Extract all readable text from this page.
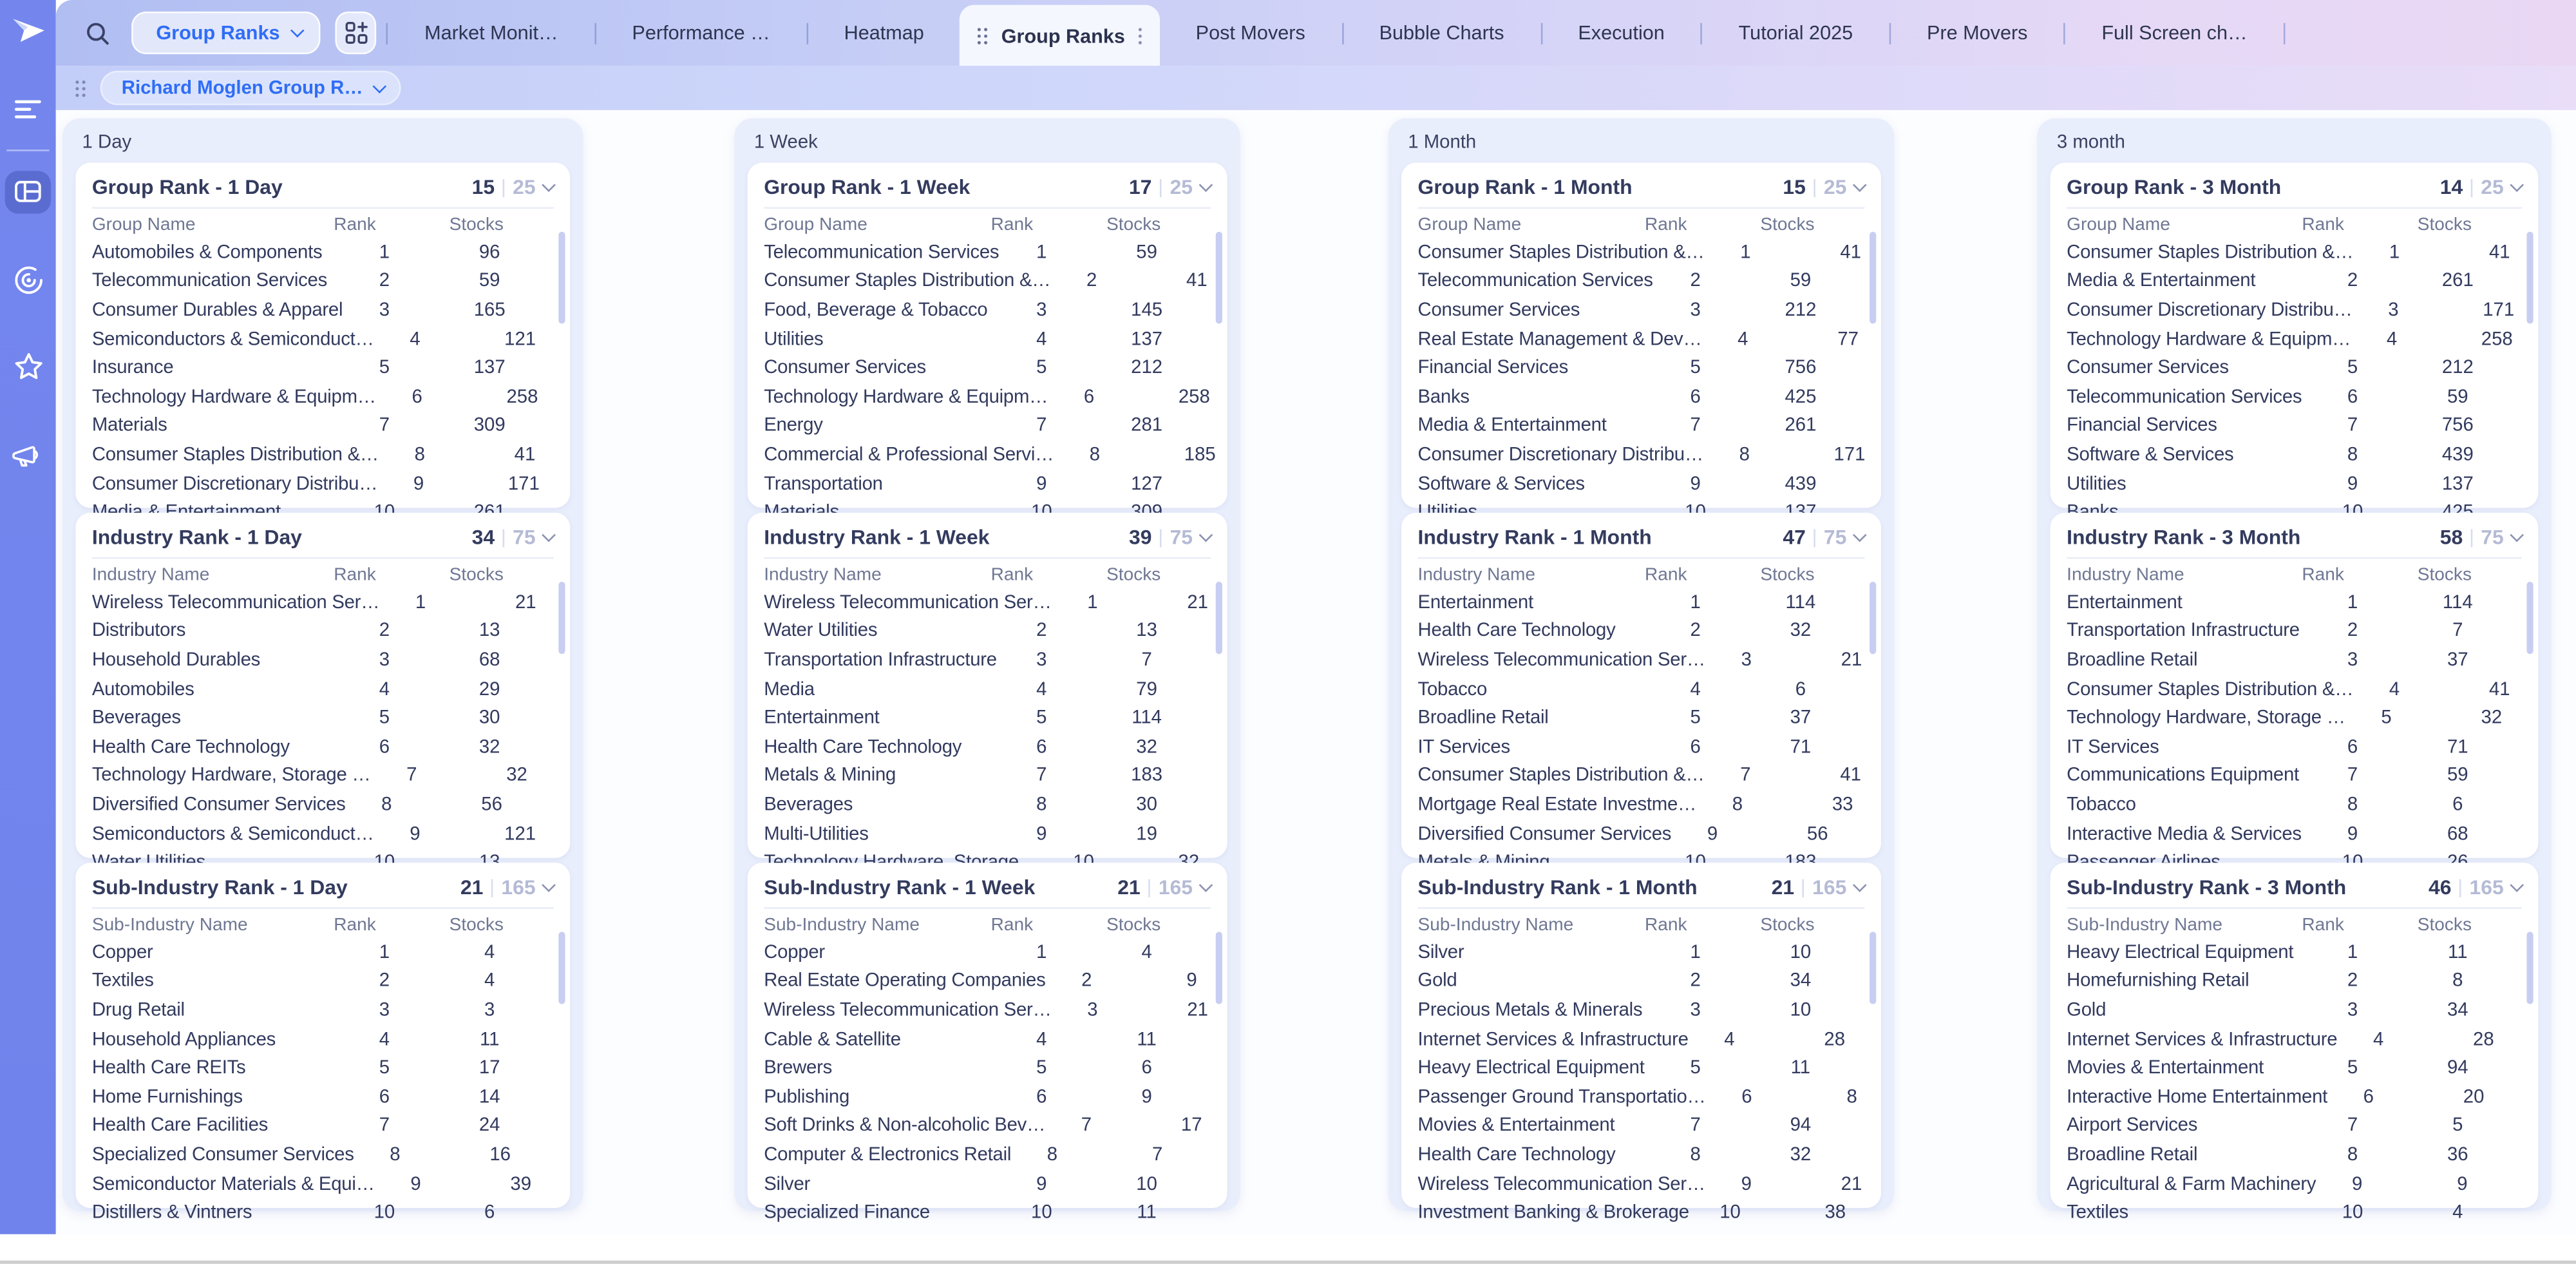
Group Ranks	Market Monit…	Performance …	Heatmap	Group Ranks	Post Movers	Bubble Charts	Execution	Tutorial 2025	Pre Movers	Full Screen ch…
Richard Moglen Group R…
1 Day
Group Rank - 1 Day	15 25
Group Name	Rank	Stocks
Automobiles & Components	1	96
Telecommunication Services	2	59
Consumer Durables & Apparel	3	165
Semiconductors & Semiconduct…	4	121
Insurance	5	137
Technology Hardware & Equipm…	6	258
Materials	7	309
Consumer Staples Distribution &…	8	41
Consumer Discretionary Distribu…	9	171
Industry Rank - 1 Day	34 75
Industry Name	Rank	Stocks
Wireless Telecommunication Ser…	1	21
Distributors	2	13
Household Durables	3	68
Automobiles	4	29
Beverages	5	30
Health Care Technology	6	32
Technology Hardware, Storage …	7	32
Diversified Consumer Services	8	56
Semiconductors & Semiconduct…	9	121
Sub-Industry Rank - 1 Day	21 165
Sub-Industry Name	Rank	Stocks
Copper	1	4
Textiles	2	4
Drug Retail	3	3
Household Appliances	4	11
Health Care REITs	5	17
Home Furnishings	6	14
Health Care Facilities	7	24
Specialized Consumer Services	8	16
Semiconductor Materials & Equi…	9	39
Distillers & Vintners	10	6
1 Week
Group Rank - 1 Week	17 25
Group Name	Rank	Stocks
Telecommunication Services	1	59
Consumer Staples Distribution &…	2	41
Food, Beverage & Tobacco	3	145
Utilities	4	137
Consumer Services	5	212
Technology Hardware & Equipm…	6	258
Energy	7	281
Commercial & Professional Servi…	8	185
Transportation	9	127
Industry Rank - 1 Week	39 75
Industry Name	Rank	Stocks
Wireless Telecommunication Ser…	1	21
Water Utilities	2	13
Transportation Infrastructure	3	7
Media	4	79
Entertainment	5	114
Health Care Technology	6	32
Metals & Mining	7	183
Beverages	8	30
Multi-Utilities	9	19
Sub-Industry Rank - 1 Week	21 165
Sub-Industry Name	Rank	Stocks
Copper	1	4
Real Estate Operating Companies	2	9
Wireless Telecommunication Ser…	3	21
Cable & Satellite	4	11
Brewers	5	6
Publishing	6	9
Soft Drinks & Non-alcoholic Bev…	7	17
Computer & Electronics Retail	8	7
Silver	9	10
Specialized Finance	10	11
1 Month
Group Rank - 1 Month	15 25
Group Name	Rank	Stocks
Consumer Staples Distribution &…	1	41
Telecommunication Services	2	59
Consumer Services	3	212
Real Estate Management & Dev…	4	77
Financial Services	5	756
Banks	6	425
Media & Entertainment	7	261
Consumer Discretionary Distribu…	8	171
Software & Services	9	439
Industry Rank - 1 Month	47 75
Industry Name	Rank	Stocks
Entertainment	1	114
Health Care Technology	2	32
Wireless Telecommunication Ser…	3	21
Tobacco	4	6
Broadline Retail	5	37
IT Services	6	71
Consumer Staples Distribution &…	7	41
Mortgage Real Estate Investme…	8	33
Diversified Consumer Services	9	56
Sub-Industry Rank - 1 Month	21 165
Sub-Industry Name	Rank	Stocks
Silver	1	10
Gold	2	34
Precious Metals & Minerals	3	10
Internet Services & Infrastructure	4	28
Heavy Electrical Equipment	5	11
Passenger Ground Transportatio…	6	8
Movies & Entertainment	7	94
Health Care Technology	8	32
Wireless Telecommunication Ser…	9	21
Investment Banking & Brokerage	10	38
3 month
Group Rank - 3 Month	14 25
Group Name	Rank	Stocks
Consumer Staples Distribution &…	1	41
Media & Entertainment	2	261
Consumer Discretionary Distribu…	3	171
Technology Hardware & Equipm…	4	258
Consumer Services	5	212
Telecommunication Services	6	59
Financial Services	7	756
Software & Services	8	439
Utilities	9	137
Industry Rank - 3 Month	58 75
Industry Name	Rank	Stocks
Entertainment	1	114
Transportation Infrastructure	2	7
Broadline Retail	3	37
Consumer Staples Distribution &…	4	41
Technology Hardware, Storage …	5	32
IT Services	6	71
Communications Equipment	7	59
Tobacco	8	6
Interactive Media & Services	9	68
Sub-Industry Rank - 3 Month	46 165
Sub-Industry Name	Rank	Stocks
Heavy Electrical Equipment	1	11
Homefurnishing Retail	2	8
Gold	3	34
Internet Services & Infrastructure	4	28
Movies & Entertainment	5	94
Interactive Home Entertainment	6	20
Airport Services	7	5
Broadline Retail	8	36
Agricultural & Farm Machinery	9	9
Textiles	10	4
